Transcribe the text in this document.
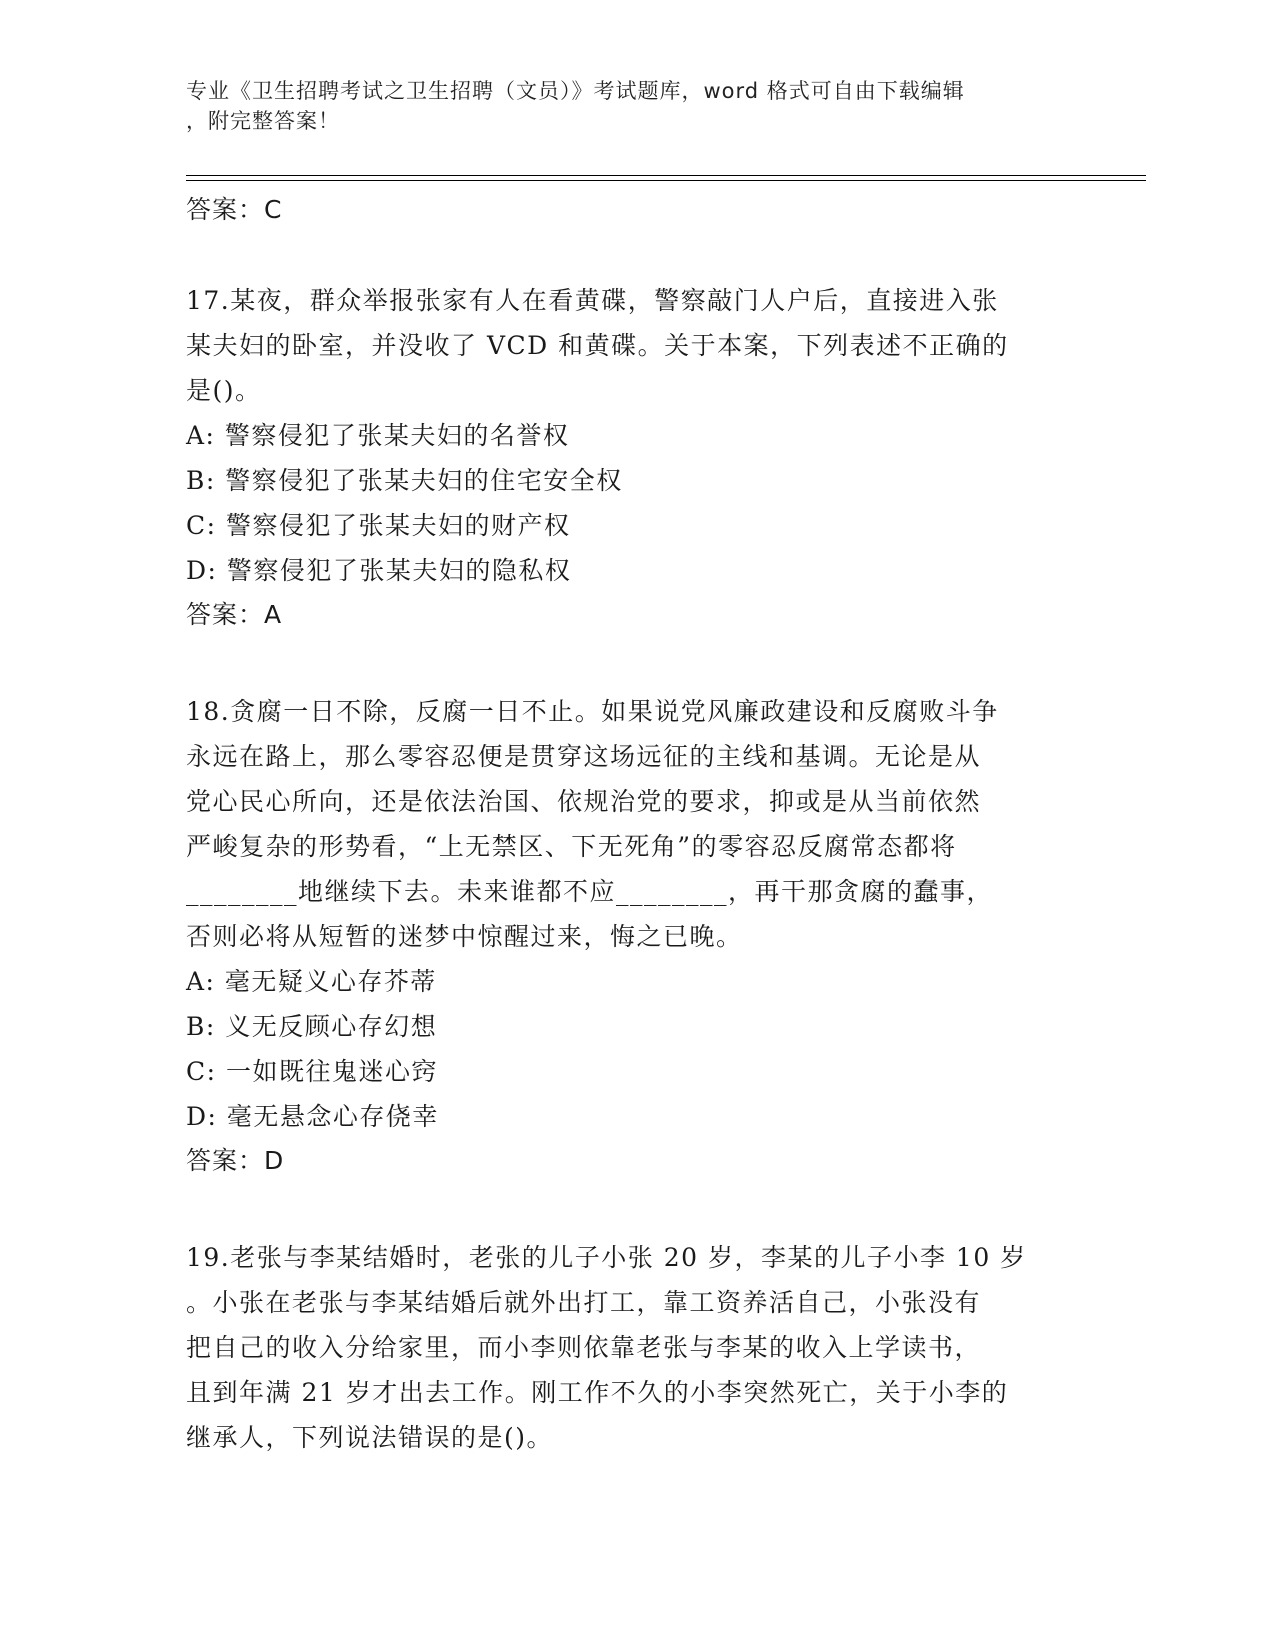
专业《卫生招聘考试之卫生招聘（文员）》考试题库，word 格式可自由下载编辑
，附完整答案！
答案：C
17.某夜，群众举报张家有人在看黄碟，警察敲门人户后，直接进入张
某夫妇的卧室，并没收了 VCD 和黄碟。关于本案，下列表述不正确的
是()。
A: 警察侵犯了张某夫妇的名誉权
B: 警察侵犯了张某夫妇的住宅安全权
C: 警察侵犯了张某夫妇的财产权
D: 警察侵犯了张某夫妇的隐私权
答案：A
18.贪腐一日不除，反腐一日不止。如果说党风廉政建设和反腐败斗争
永远在路上，那么零容忍便是贯穿这场远征的主线和基调。无论是从
党心民心所向，还是依法治国、依规治党的要求，抑或是从当前依然
严峻复杂的形势看，“上无禁区、下无死角”的零容忍反腐常态都将
________地继续下去。未来谁都不应________，再干那贪腐的蠢事，
否则必将从短暂的迷梦中惊醒过来，悔之已晚。
A: 毫无疑义心存芥蒂
B: 义无反顾心存幻想
C: 一如既往鬼迷心窍
D: 毫无悬念心存侥幸
答案：D
19.老张与李某结婚时，老张的儿子小张 20 岁，李某的儿子小李 10 岁
。小张在老张与李某结婚后就外出打工，靠工资养活自己，小张没有
把自己的收入分给家里，而小李则依靠老张与李某的收入上学读书，
且到年满 21 岁才出去工作。刚工作不久的小李突然死亡，关于小李的
继承人，下列说法错误的是()。
